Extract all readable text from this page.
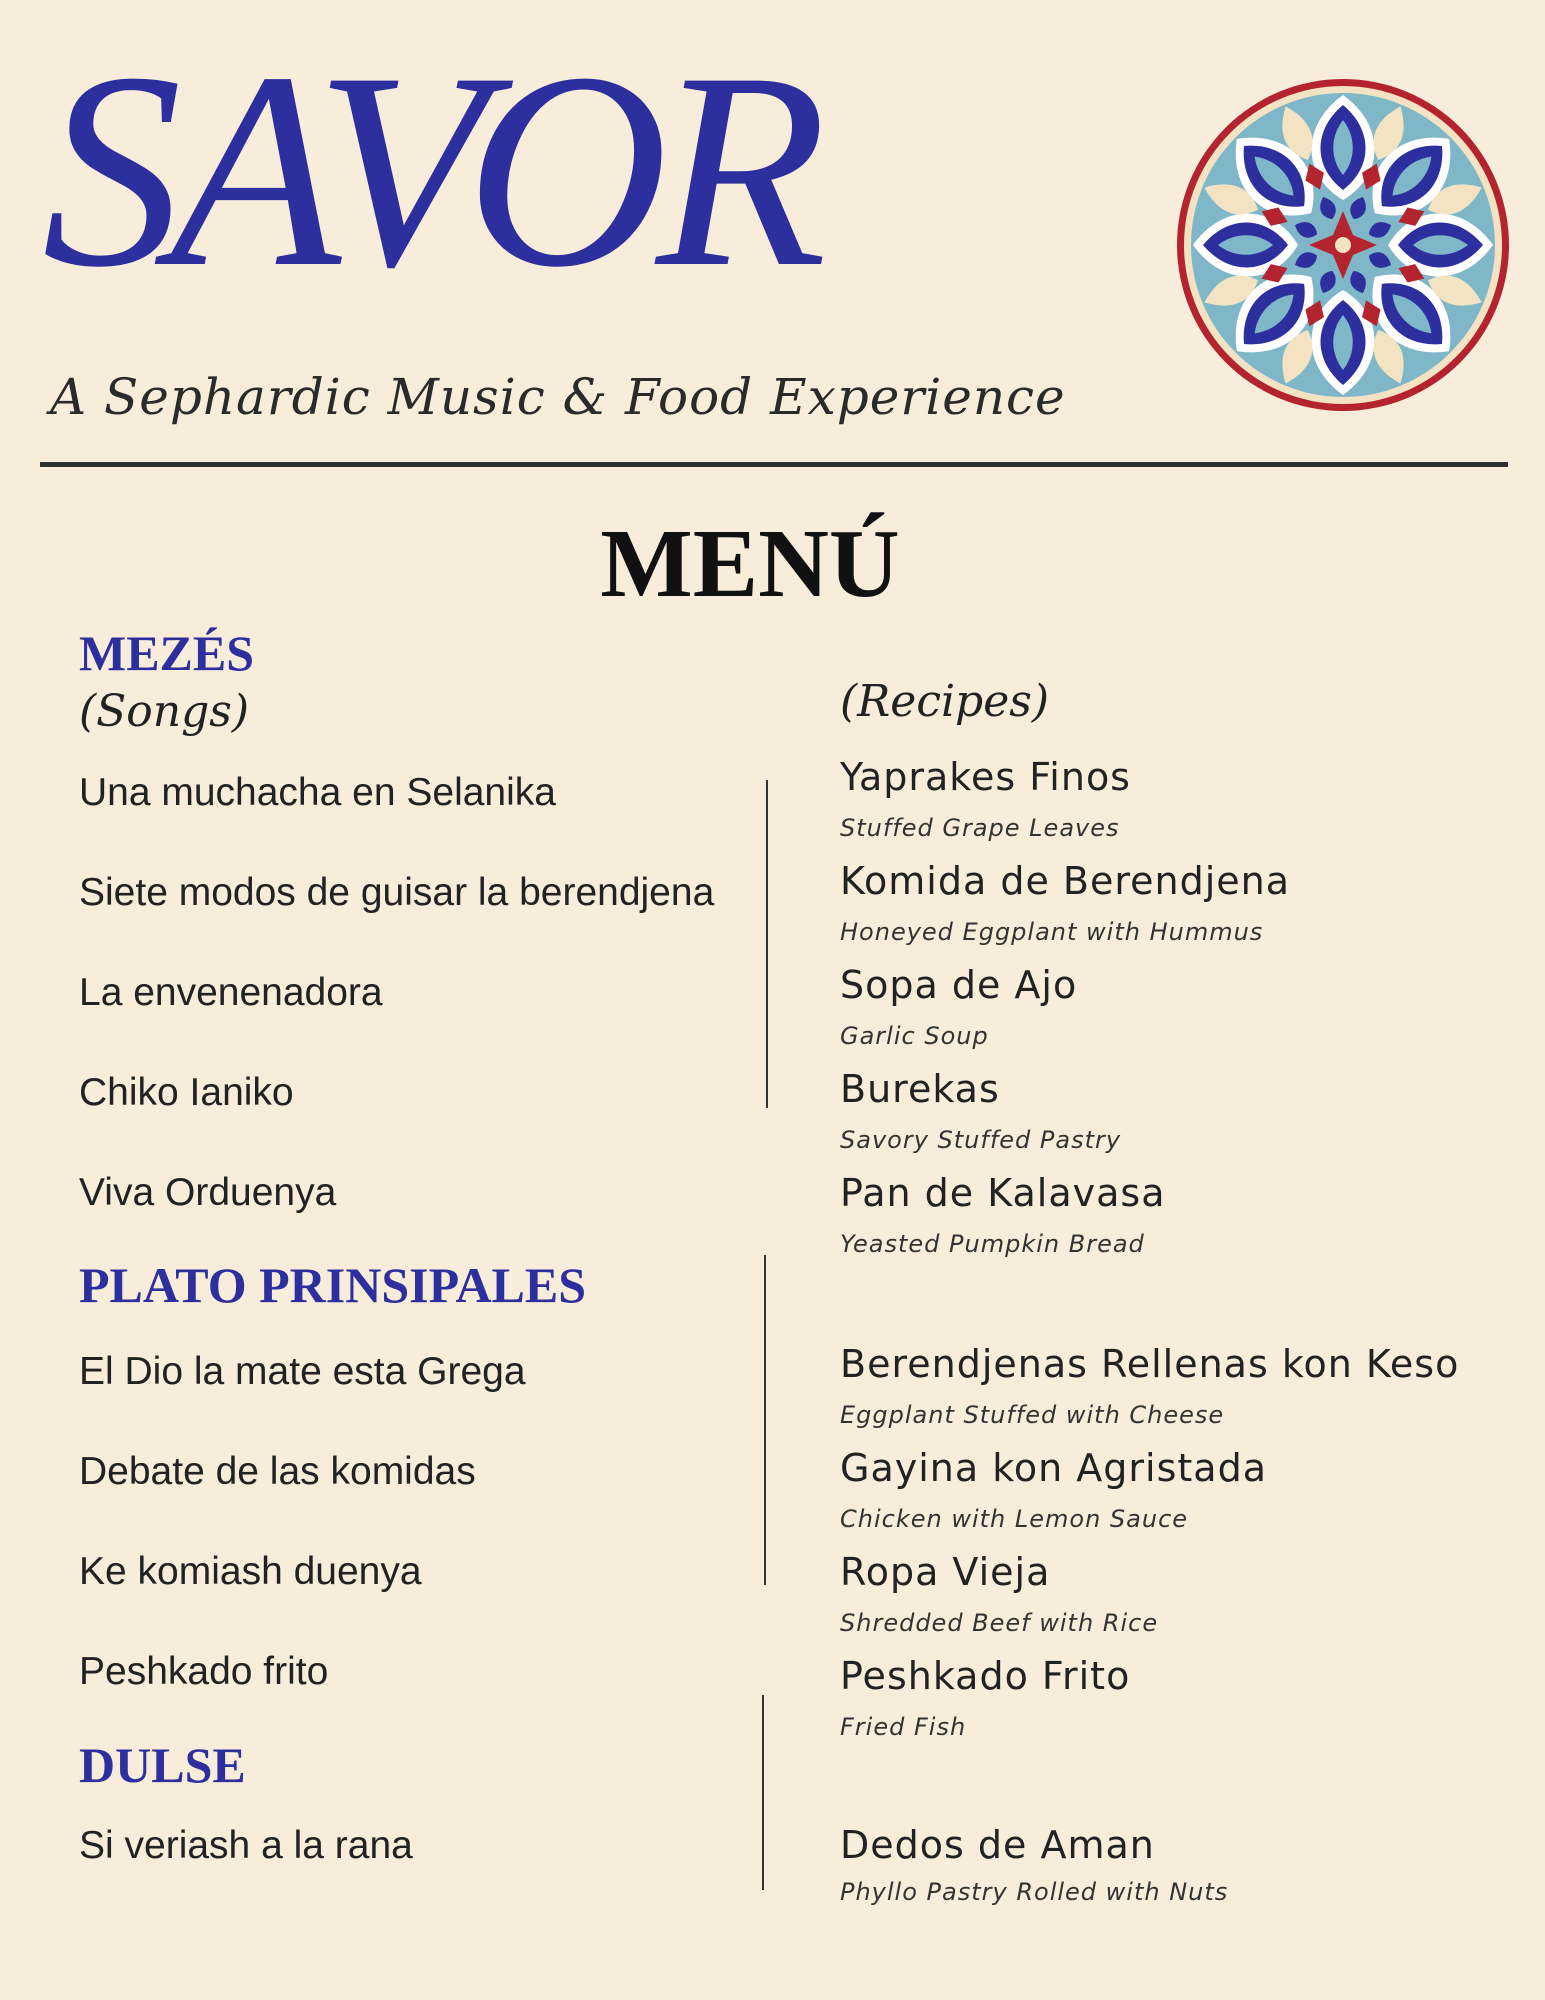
SAVOR
A Sephardic Music & Food Experience
MENÚ
MEZÉS
PLATO PRINSIPALES
DULSE
(Songs)	(Recipes)
Una muchacha en Selanika
Siete modos de guisar la berendjena
La envenenadora
Chiko Ianiko
Viva Orduenya
El Dio la mate esta Grega
Debate de las komidas
Ke komiash duenya
Peshkado frito
Si veriash a la rana
Yaprakes Finos
Stuffed Grape Leaves
Komida de Berendjena
Honeyed Eggplant with Hummus
Sopa de Ajo
Garlic Soup
Burekas
Savory Stuffed Pastry
Pan de Kalavasa
Yeasted Pumpkin Bread
Berendjenas Rellenas kon Keso
Eggplant Stuffed with Cheese
Gayina kon Agristada
Chicken with Lemon Sauce
Ropa Vieja
Shredded Beef with Rice
Peshkado Frito
Fried Fish
Dedos de Aman
Phyllo Pastry Rolled with Nuts
